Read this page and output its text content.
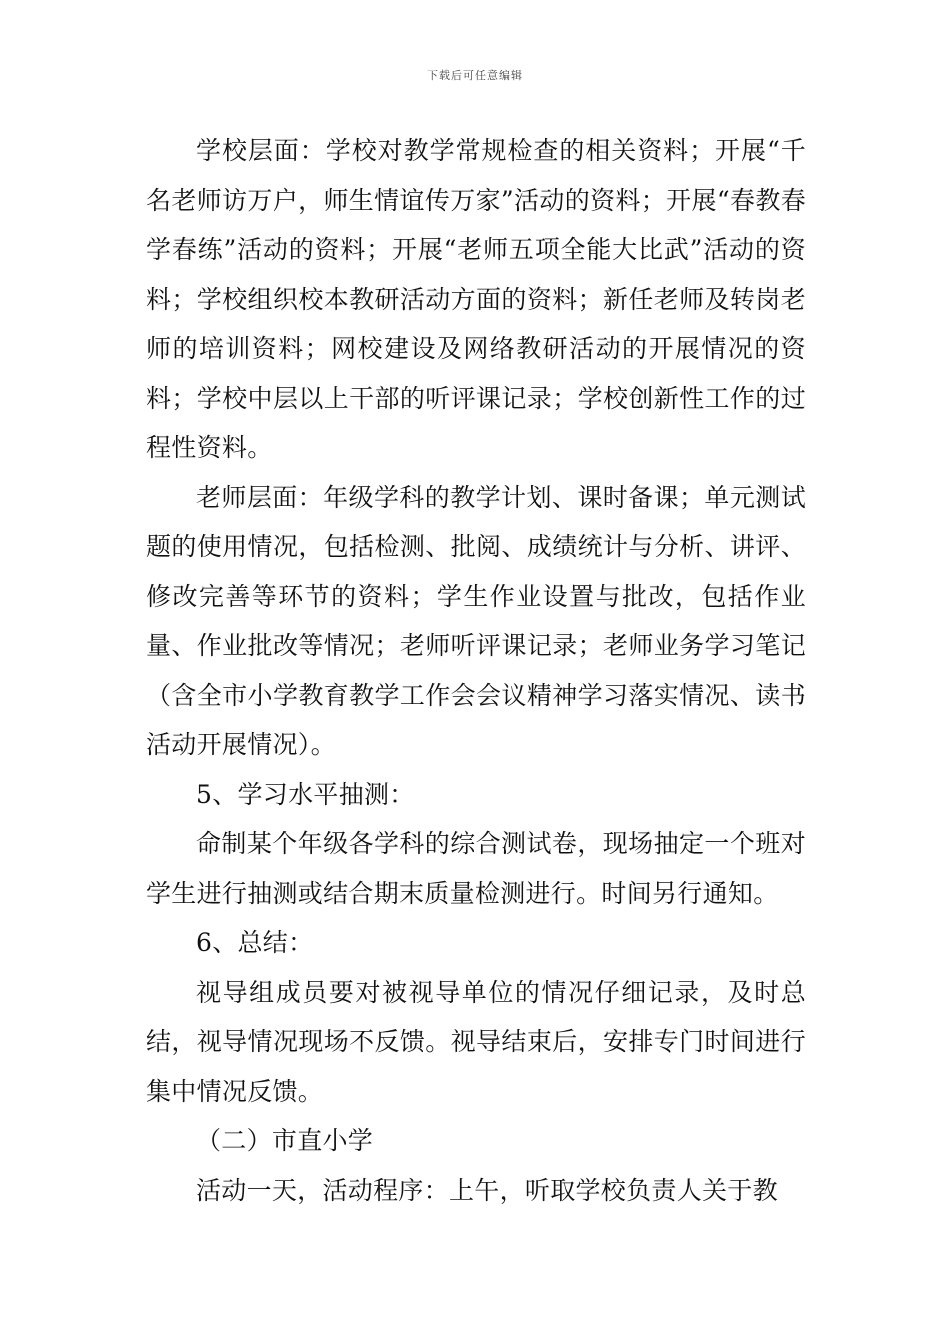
下载后可任意编辑

学校层面：学校对教学常规检查的相关资料；开展“千名老师访万户，师生情谊传万家”活动的资料；开展“春教春学春练”活动的资料；开展“老师五项全能大比武”活动的资料；学校组织校本教研活动方面的资料；新任老师及转岗老师的培训资料；网校建设及网络教研活动的开展情况的资料；学校中层以上干部的听评课记录；学校创新性工作的过程性资料。

老师层面：年级学科的教学计划、课时备课；单元测试题的使用情况，包括检测、批阅、成绩统计与分析、讲评、修改完善等环节的资料；学生作业设置与批改，包括作业量、作业批改等情况；老师听评课记录；老师业务学习笔记（含全市小学教育教学工作会会议精神学习落实情况、读书活动开展情况）。

5、学习水平抽测：

命制某个年级各学科的综合测试卷，现场抽定一个班对学生进行抽测或结合期末质量检测进行。时间另行通知。

6、总结：

视导组成员要对被视导单位的情况仔细记录，及时总结，视导情况现场不反馈。视导结束后，安排专门时间进行集中情况反馈。

（二）市直小学

活动一天，活动程序：上午，听取学校负责人关于教
